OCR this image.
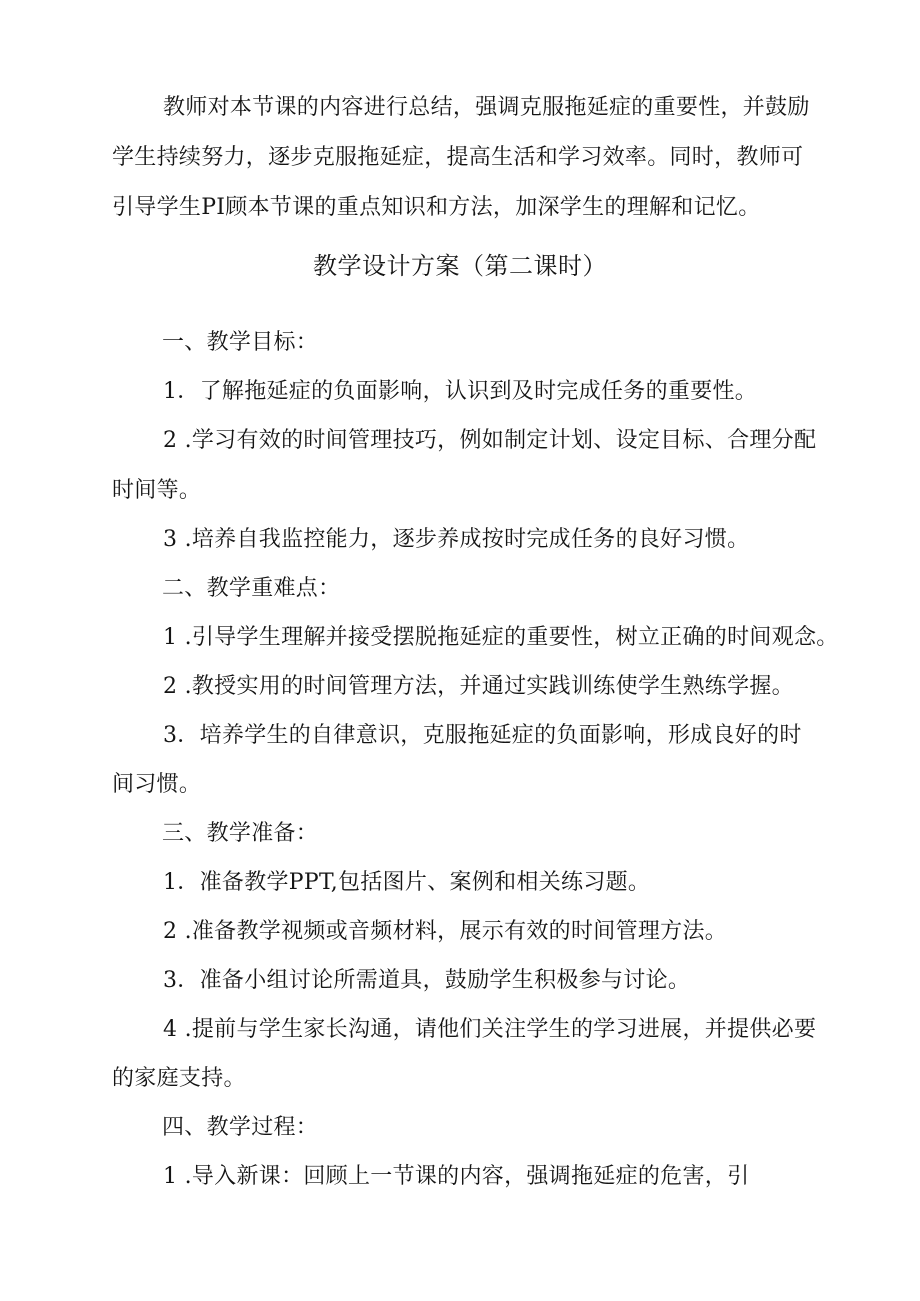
教师对本节课的内容进行总结，强调克服拖延症的重要性，并鼓励
学生持续努力，逐步克服拖延症，提高生活和学习效率。同时，教师可
引导学生PI顾本节课的重点知识和方法，加深学生的理解和记忆。
教学设计方案（第二课时）
一、教学目标：
1．了解拖延症的负面影响，认识到及时完成任务的重要性。
2 .学习有效的时间管理技巧，例如制定计划、设定目标、合理分配
时间等。
3 .培养自我监控能力，逐步养成按时完成任务的良好习惯。
二、教学重难点：
1 .引导学生理解并接受摆脱拖延症的重要性，树立正确的时间观念。
2 .教授实用的时间管理方法，并通过实践训练使学生熟练学握。
3．培养学生的自律意识，克服拖延症的负面影响，形成良好的时
间习惯。
三、教学准备：
1．准备教学PPT,包括图片、案例和相关练习题。
2 .准备教学视频或音频材料，展示有效的时间管理方法。
3．准备小组讨论所需道具，鼓励学生积极参与讨论。
4 .提前与学生家长沟通，请他们关注学生的学习进展，并提供必要
的家庭支持。
四、教学过程：
1 .导入新课：回顾上一节课的内容，强调拖延症的危害，引
